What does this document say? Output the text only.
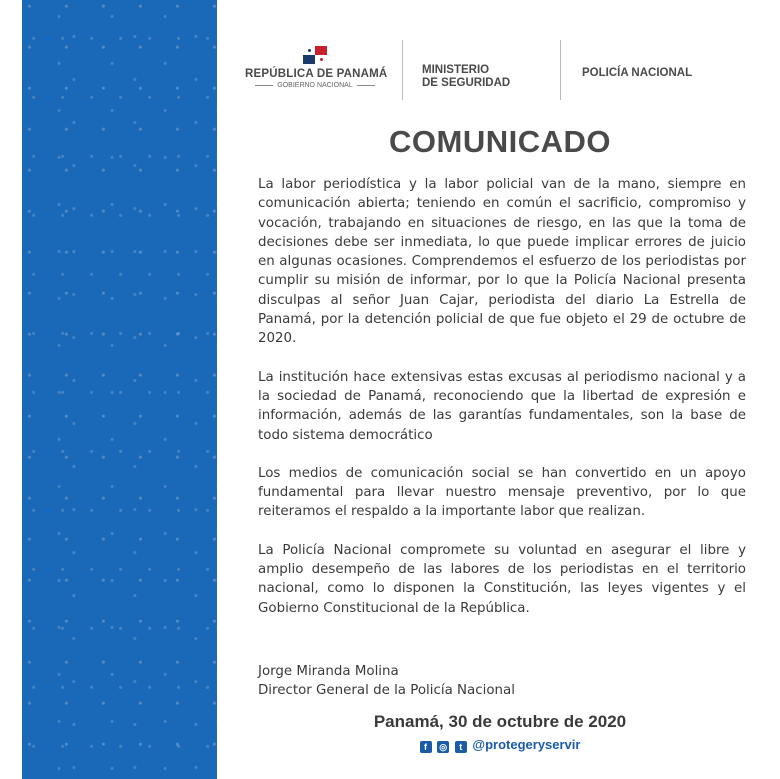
REPÚBLICA DE PANAMÁ
GOBIERNO NACIONAL
MINISTERIO
DE SEGURIDAD
POLICÍA NACIONAL
COMUNICADO

La labor periodística y la labor policial van de la mano, siempre en comunicación abierta; teniendo en común el sacrificio, compromiso y vocación, trabajando en situaciones de riesgo, en las que la toma de decisiones debe ser inmediata, lo que puede implicar errores de juicio en algunas ocasiones. Comprendemos el esfuerzo de los periodistas por cumplir su misión de informar, por lo que la Policía Nacional presenta disculpas al señor Juan Cajar, periodista del diario La Estrella de Panamá, por la detención policial de que fue objeto el 29 de octubre de 2020.

La institución hace extensivas estas excusas al periodismo nacional y a la sociedad de Panamá, reconociendo que la libertad de expresión e información, además de las garantías fundamentales, son la base de todo sistema democrático

Los medios de comunicación social se han convertido en un apoyo fundamental para llevar nuestro mensaje preventivo, por lo que reiteramos el respaldo a la importante labor que realizan.

La Policía Nacional compromete su voluntad en asegurar el libre y amplio desempeño de las labores de los periodistas en el territorio nacional, como lo disponen la Constitución, las leyes vigentes y el Gobierno Constitucional de la República.

Jorge Miranda Molina
Director General de la Policía Nacional
Panamá, 30 de octubre de 2020
f ◎ t @protegeryservir
